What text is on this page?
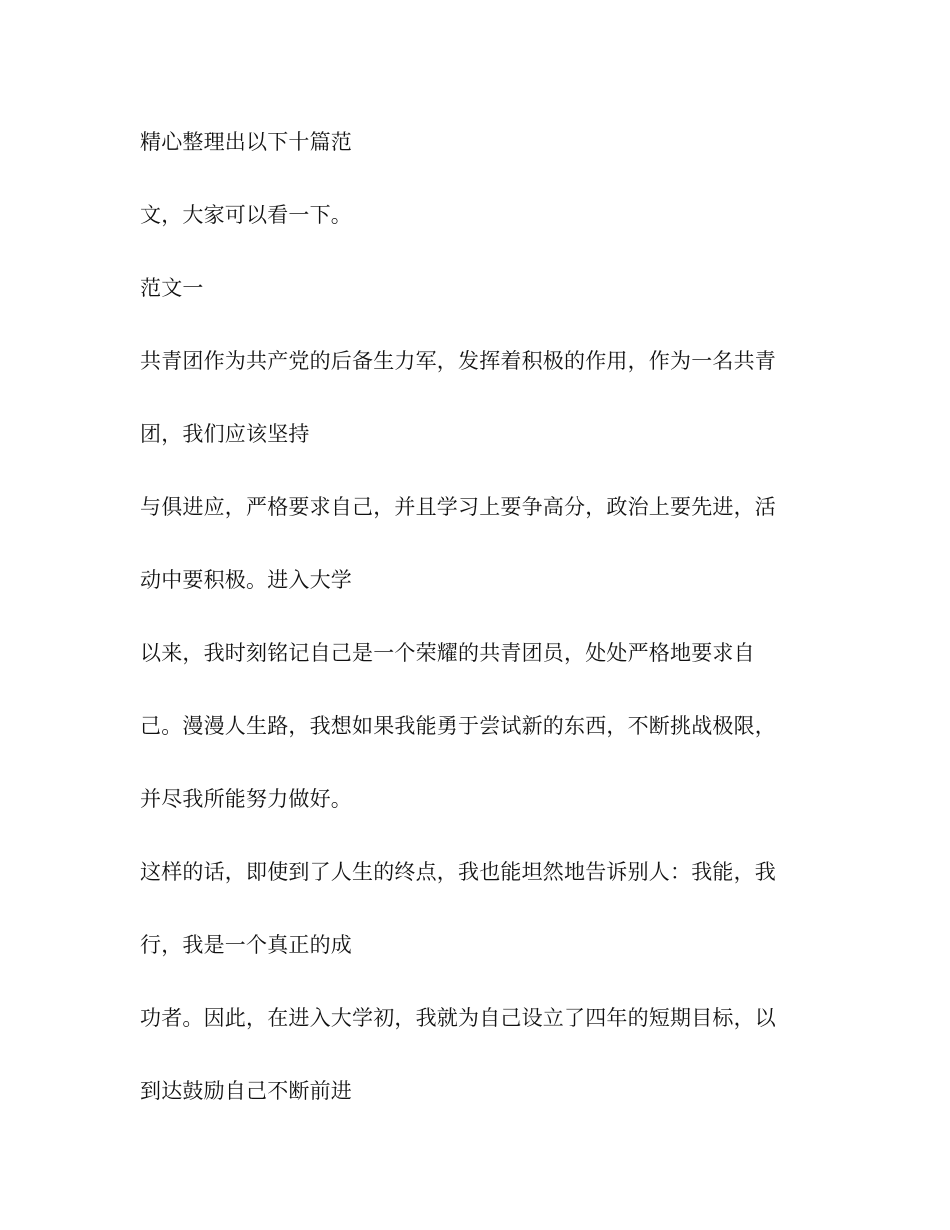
精心整理出以下十篇范

文，大家可以看一下。

范文一

共青团作为共产党的后备生力军，发挥着积极的作用，作为一名共青

团，我们应该坚持

与俱进应，严格要求自己，并且学习上要争高分，政治上要先进，活

动中要积极。进入大学

以来，我时刻铭记自己是一个荣耀的共青团员，处处严格地要求自

己。漫漫人生路，我想如果我能勇于尝试新的东西，不断挑战极限，

并尽我所能努力做好。

这样的话，即使到了人生的终点，我也能坦然地告诉别人：我能，我

行，我是一个真正的成

功者。因此，在进入大学初，我就为自己设立了四年的短期目标，以

到达鼓励自己不断前进
